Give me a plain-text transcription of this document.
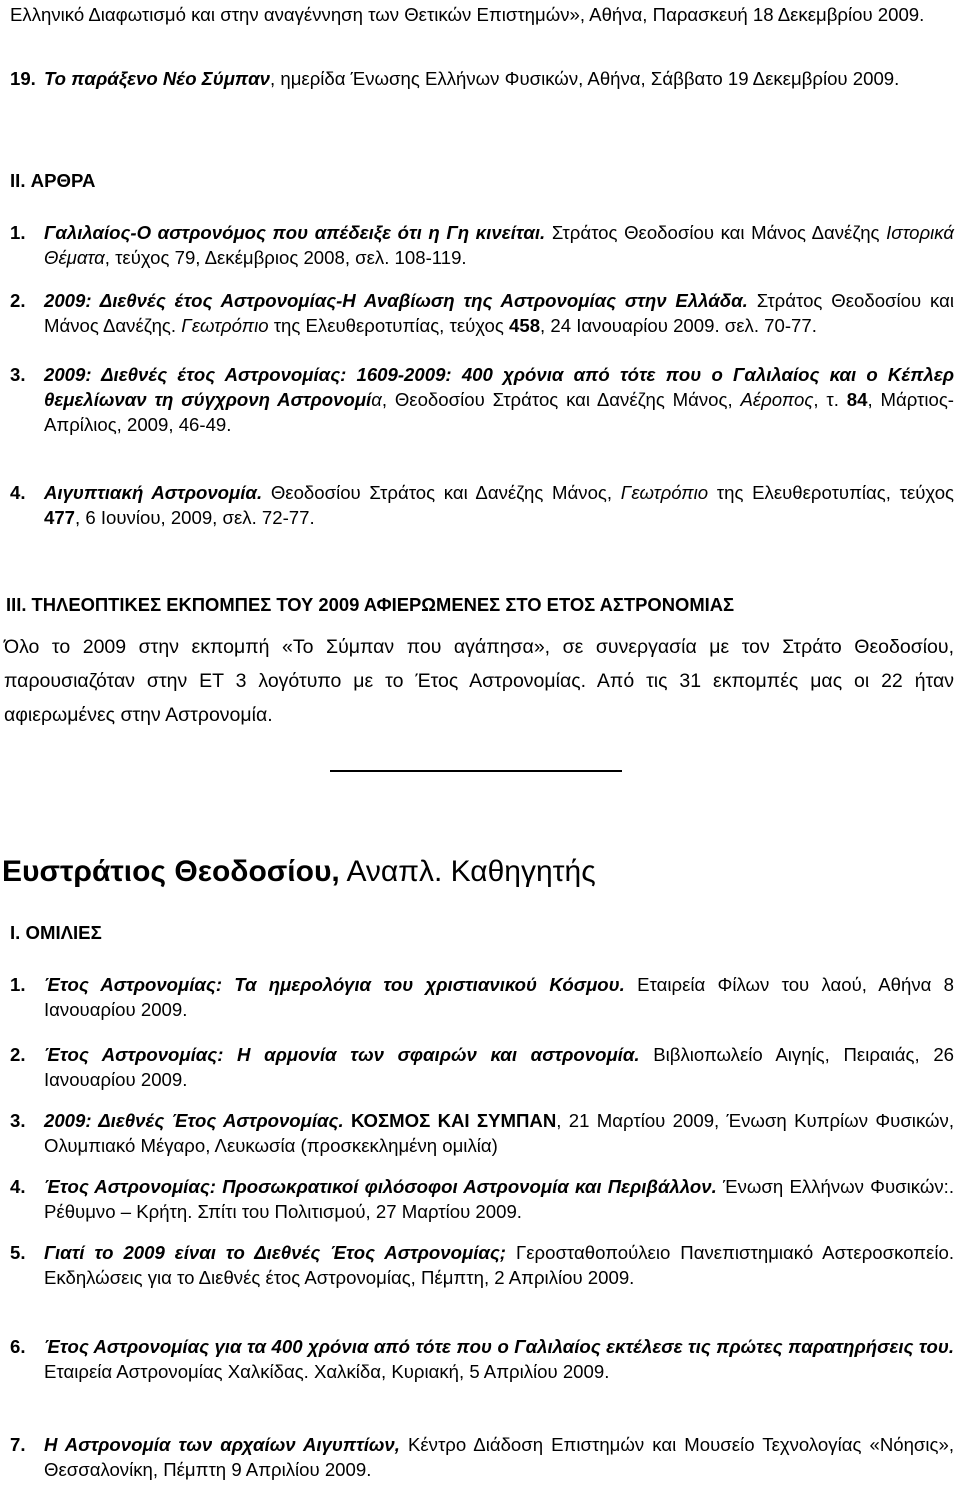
Ελληνικό Διαφωτισμό και στην αναγέννηση των Θετικών Επιστημών», Αθήνα, Παρασκευή 18 Δεκεμβρίου 2009.

19. Το παράξενο Νέο Σύμπαν, ημερίδα Ένωσης Ελλήνων Φυσικών, Αθήνα, Σάββατο 19 Δεκεμβρίου 2009.
II. ΑΡΘΡΑ
1. Γαλιλαίος-Ο αστρονόμος που απέδειξε ότι η Γη κινείται. Στράτος Θεοδοσίου και Μάνος Δανέζης Ιστορικά Θέματα, τεύχος 79, Δεκέμβριος 2008, σελ. 108-119.
2. 2009: Διεθνές έτος Αστρονομίας-Η Αναβίωση της Αστρονομίας στην Ελλάδα. Στράτος Θεοδοσίου και Μάνος Δανέζης. Γεωτρόπιο της Ελευθεροτυπίας, τεύχος 458, 24 Ιανουαρίου 2009. σελ. 70-77.
3. 2009: Διεθνές έτος Αστρονομίας: 1609-2009: 400 χρόνια από τότε που ο Γαλιλαίος και ο Κέπλερ θεμελίωναν τη σύγχρονη Αστρονομία, Θεοδοσίου Στράτος και Δανέζης Μάνος, Αέροπος, τ. 84, Μάρτιος- Απρίλιος, 2009, 46-49.
4. Αιγυπτιακή Αστρονομία. Θεοδοσίου Στράτος και Δανέζης Μάνος, Γεωτρόπιο της Ελευθεροτυπίας, τεύχος 477, 6 Ιουνίου, 2009, σελ. 72-77.
III. ΤΗΛΕΟΠΤΙΚΕΣ ΕΚΠΟΜΠΕΣ ΤΟΥ 2009 ΑΦΙΕΡΩΜΕΝΕΣ ΣΤΟ ΕΤΟΣ ΑΣΤΡΟΝΟΜΙΑΣ

Όλο το 2009 στην εκπομπή «Το Σύμπαν που αγάπησα», σε συνεργασία με τον Στράτο Θεοδοσίου, παρουσιαζόταν στην ΕΤ 3 λογότυπο με το Έτος Αστρονομίας. Από τις 31 εκπομπές μας οι 22 ήταν αφιερωμένες στην Αστρονομία.

Ευστράτιος Θεοδοσίου, Αναπλ. Καθηγητής
I. ΟΜΙΛΙΕΣ
1. Έτος Αστρονομίας: Τα ημερολόγια του χριστιανικού Κόσμου. Εταιρεία Φίλων του λαού, Αθήνα 8 Ιανουαρίου 2009.
2. Έτος Αστρονομίας: Η αρμονία των σφαιρών και αστρονομία. Βιβλιοπωλείο Αιγηίς, Πειραιάς, 26 Ιανουαρίου 2009.
3. 2009: Διεθνές Έτος Αστρονομίας. ΚΟΣΜΟΣ ΚΑΙ ΣΥΜΠΑΝ, 21 Μαρτίου 2009, Ένωση Κυπρίων Φυσικών, Ολυμπιακό Μέγαρο, Λευκωσία (προσκεκλημένη ομιλία)
4. Έτος Αστρονομίας: Προσωκρατικοί φιλόσοφοι Αστρονομία και Περιβάλλον. Ένωση Ελλήνων Φυσικών:. Ρέθυμνο – Κρήτη. Σπίτι του Πολιτισμού, 27 Μαρτίου 2009.
5. Γιατί το 2009 είναι το Διεθνές Έτος Αστρονομίας; Γεροσταθοπούλειο Πανεπιστημιακό Αστεροσκοπείο. Εκδηλώσεις για το Διεθνές έτος Αστρονομίας, Πέμπτη, 2 Απριλίου 2009.
6. Έτος Αστρονομίας για τα 400 χρόνια από τότε που ο Γαλιλαίος εκτέλεσε τις πρώτες παρατηρήσεις του. Εταιρεία Αστρονομίας Χαλκίδας. Χαλκίδα, Κυριακή, 5 Απριλίου 2009.
7. Η Αστρονομία των αρχαίων Αιγυπτίων, Κέντρο Διάδοση Επιστημών και Μουσείο Τεχνολογίας «Νόησις», Θεσσαλονίκη, Πέμπτη 9 Απριλίου 2009.
